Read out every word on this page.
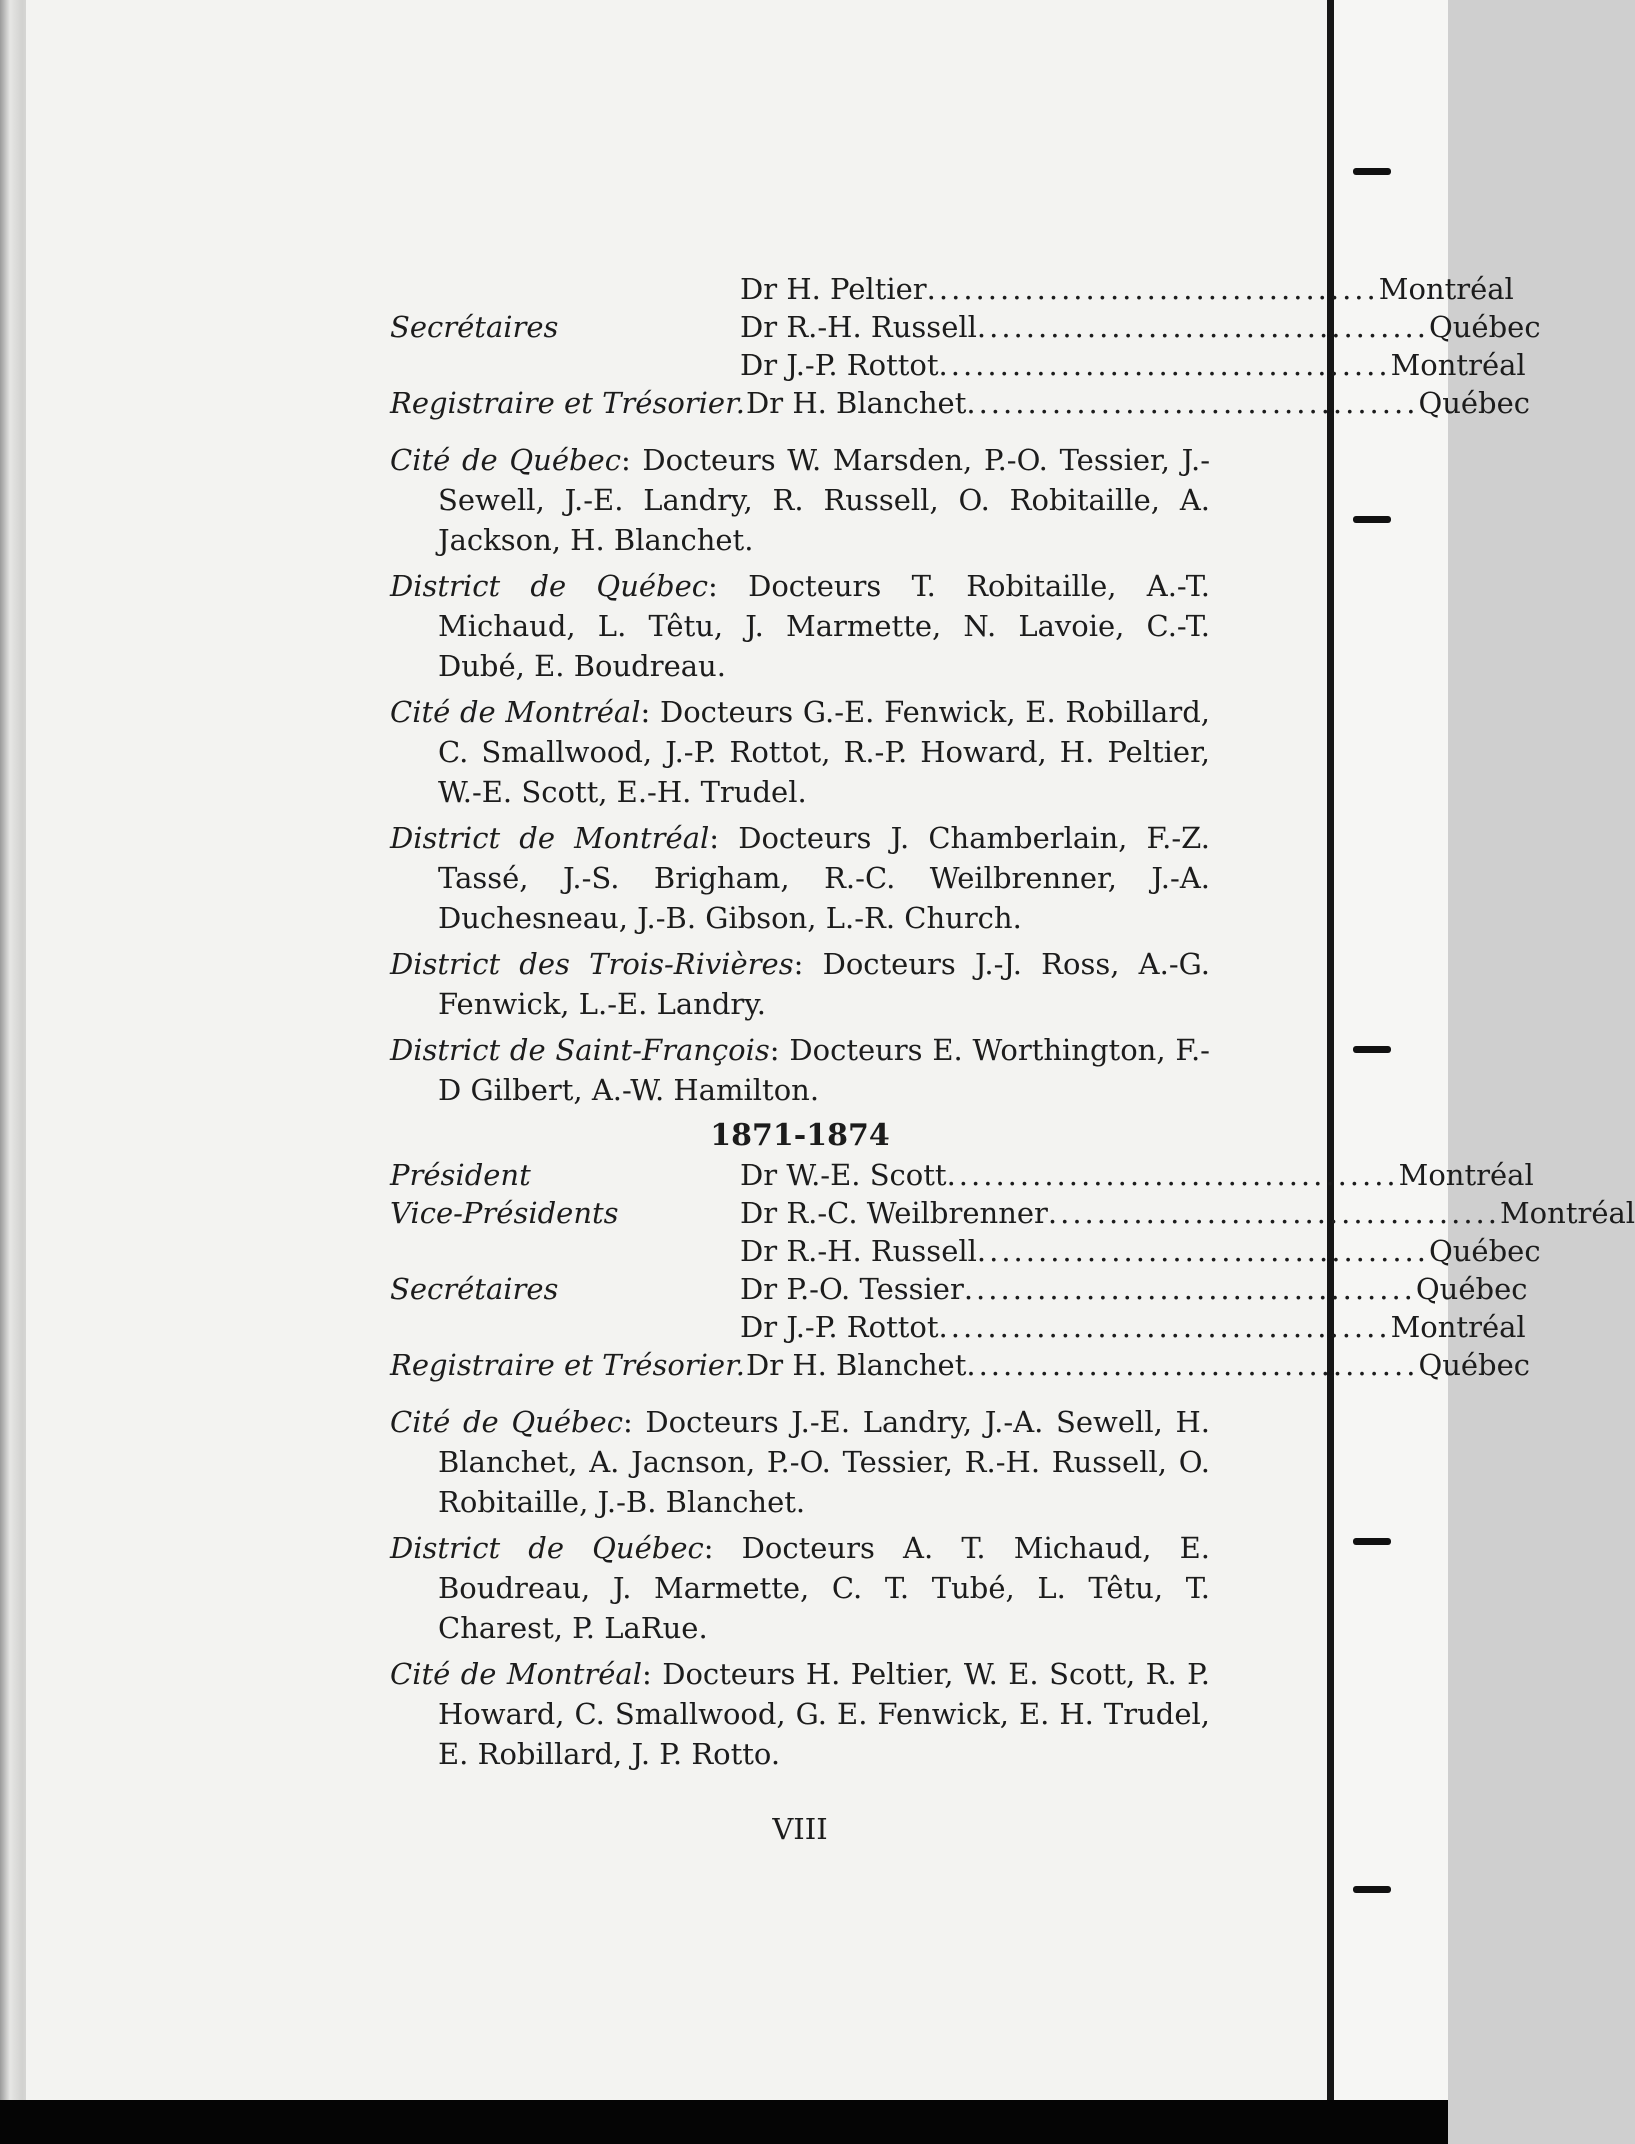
Dr H. Peltier ..................................... Montréal
Secrétaires	Dr R.-H. Russell ..................................... Québec
Dr J.-P. Rottot ..................................... Montréal
Registraire et Trésorier. Dr H. Blanchet ..................................... Québec
Cité de Québec: Docteurs W. Marsden, P.-O. Tessier, J.-Sewell, J.-E. Landry, R. Russell, O. Robitaille, A. Jackson, H. Blanchet.
District de Québec: Docteurs T. Robitaille, A.-T. Michaud, L. Têtu, J. Marmette, N. Lavoie, C.-T. Dubé, E. Boudreau.
Cité de Montréal: Docteurs G.-E. Fenwick, E. Robillard, C. Smallwood, J.-P. Rottot, R.-P. Howard, H. Peltier, W.-E. Scott, E.-H. Trudel.
District de Montréal: Docteurs J. Chamberlain, F.-Z. Tassé, J.-S. Brigham, R.-C. Weilbrenner, J.-A. Duchesneau, J.-B. Gibson, L.-R. Church.
District des Trois-Rivières: Docteurs J.-J. Ross, A.-G. Fenwick, L.-E. Landry.
District de Saint-François: Docteurs E. Worthington, F.-D Gilbert, A.-W. Hamilton.
1871-1874
Président	Dr W.-E. Scott ..................................... Montréal
Vice-Présidents	Dr R.-C. Weilbrenner ..................................... Montréal
Dr R.-H. Russell ..................................... Québec
Secrétaires	Dr P.-O. Tessier ..................................... Québec
Dr J.-P. Rottot ..................................... Montréal
Registraire et Trésorier. Dr H. Blanchet ..................................... Québec
Cité de Québec: Docteurs J.-E. Landry, J.-A. Sewell, H. Blanchet, A. Jacnson, P.-O. Tessier, R.-H. Russell, O. Robitaille, J.-B. Blanchet.
District de Québec: Docteurs A. T. Michaud, E. Boudreau, J. Marmette, C. T. Tubé, L. Têtu, T. Charest, P. LaRue.
Cité de Montréal: Docteurs H. Peltier, W. E. Scott, R. P. Howard, C. Smallwood, G. E. Fenwick, E. H. Trudel, E. Robillard, J. P. Rotto.
VIII
